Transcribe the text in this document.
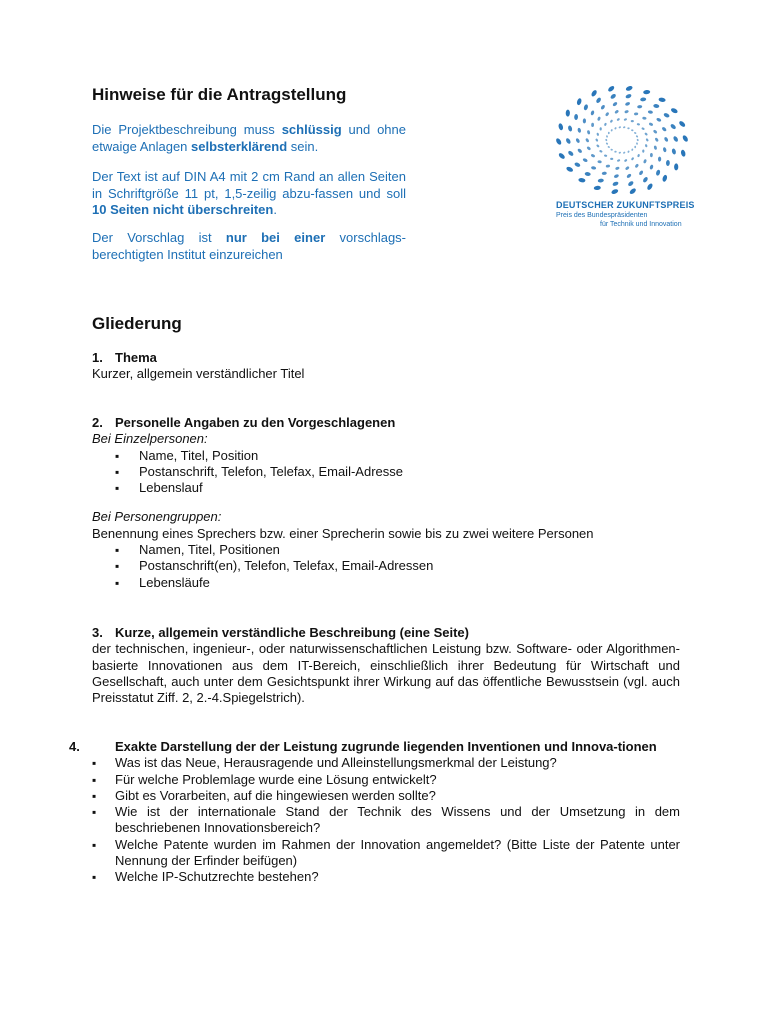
Hinweise für die Antragstellung

Die Projektbeschreibung muss schlüssig und ohne etwaige Anlagen selbsterklärend sein.

Der Text ist auf DIN A4 mit 2 cm Rand an allen Seiten in Schriftgröße 11 pt, 1,5-zeilig abzu-fassen und soll 10 Seiten nicht überschreiten.

Der Vorschlag ist nur bei einer vorschlags-berechtigten Institut einzureichen

DEUTSCHER ZUKUNFTSPREIS
Preis des Bundespräsidenten
für Technik und Innovation
Gliederung
1. Thema
Kurzer, allgemein verständlicher Titel
2. Personelle Angaben zu den Vorgeschlagenen
Bei Einzelpersonen:
▪ Name, Titel, Position
▪ Postanschrift, Telefon, Telefax, Email-Adresse
▪ Lebenslauf
Bei Personengruppen:
Benennung eines Sprechers bzw. einer Sprecherin sowie bis zu zwei weitere Personen
▪ Namen, Titel, Positionen
▪ Postanschrift(en), Telefon, Telefax, Email-Adressen
▪ Lebensläufe
3. Kurze, allgemein verständliche Beschreibung (eine Seite)
der technischen, ingenieur-, oder naturwissenschaftlichen Leistung bzw. Software- oder Algorithmen-basierte Innovationen aus dem IT-Bereich, einschließlich ihrer Bedeutung für Wirtschaft und Gesellschaft, auch unter dem Gesichtspunkt ihrer Wirkung auf das öffentliche Bewusstsein (vgl. auch Preisstatut Ziff. 2, 2.-4.Spiegelstrich).
4.	Exakte Darstellung der der Leistung zugrunde liegenden Inventionen und Innova-tionen
▪ Was ist das Neue, Herausragende und Alleinstellungsmerkmal der Leistung?
▪ Für welche Problemlage wurde eine Lösung entwickelt?
▪ Gibt es Vorarbeiten, auf die hingewiesen werden sollte?
▪ Wie ist der internationale Stand der Technik des Wissens und der Umsetzung in dem beschriebenen Innovationsbereich?
▪ Welche Patente wurden im Rahmen der Innovation angemeldet? (Bitte Liste der Patente unter Nennung der Erfinder beifügen)
▪ Welche IP-Schutzrechte bestehen?
